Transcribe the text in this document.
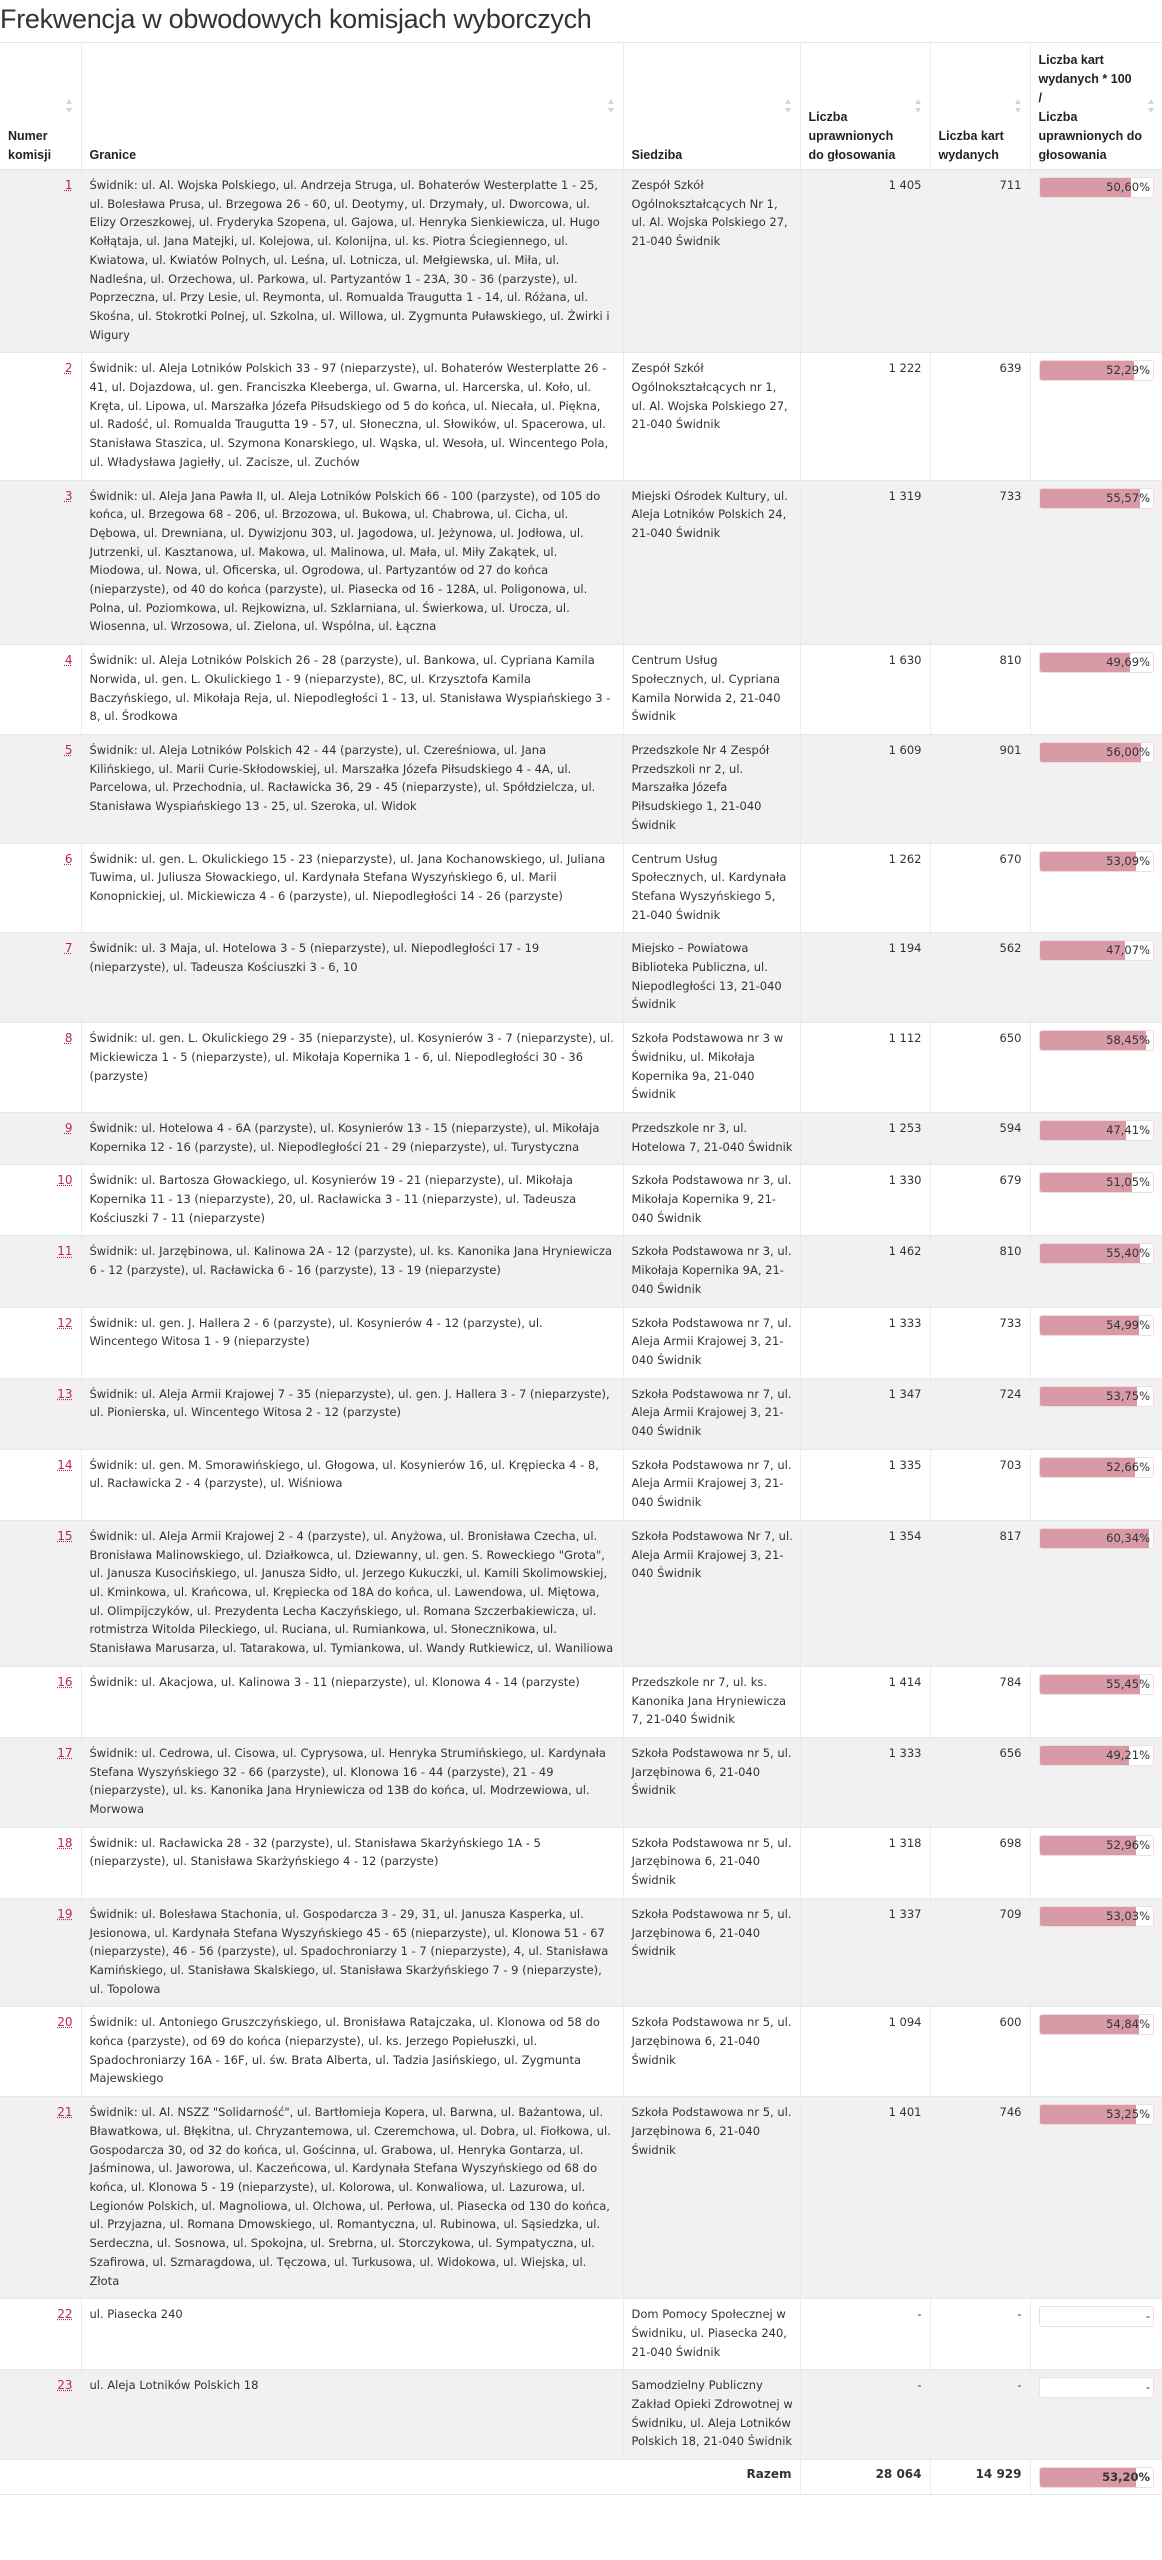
Frekwencja w obwodowych komisjach wyborczych
Numer komisji	Granice	Siedziba	Liczba uprawnionych do głosowania	Liczba kart wydanych	Liczba kart wydanych * 100
/
Liczba uprawnionych do głosowania

1	Świdnik: ul. Al. Wojska Polskiego, ul. Andrzeja Struga, ul. Bohaterów Westerplatte 1 - 25, ul. Bolesława Prusa, ul. Brzegowa 26 - 60, ul. Deotymy, ul. Drzymały, ul. Dworcowa, ul. Elizy Orzeszkowej, ul. Fryderyka Szopena, ul. Gajowa, ul. Henryka Sienkiewicza, ul. Hugo Kołłątaja, ul. Jana Matejki, ul. Kolejowa, ul. Kolonijna, ul. ks. Piotra Ściegiennego, ul. Kwiatowa, ul. Kwiatów Polnych, ul. Leśna, ul. Lotnicza, ul. Mełgiewska, ul. Miła, ul. Nadleśna, ul. Orzechowa, ul. Parkowa, ul. Partyzantów 1 - 23A, 30 - 36 (parzyste), ul. Poprzeczna, ul. Przy Lesie, ul. Reymonta, ul. Romualda Traugutta 1 - 14, ul. Różana, ul. Skośna, ul. Stokrotki Polnej, ul. Szkolna, ul. Willowa, ul. Zygmunta Puławskiego, ul. Żwirki i Wigury	Zespół Szkół Ogólnokształcących Nr 1, ul. Al. Wojska Polskiego 27, 21-040 Świdnik	1 405	711	50,60%

2	Świdnik: ul. Aleja Lotników Polskich 33 - 97 (nieparzyste), ul. Bohaterów Westerplatte 26 - 41, ul. Dojazdowa, ul. gen. Franciszka Kleeberga, ul. Gwarna, ul. Harcerska, ul. Koło, ul. Kręta, ul. Lipowa, ul. Marszałka Józefa Piłsudskiego od 5 do końca, ul. Niecała, ul. Piękna, ul. Radość, ul. Romualda Traugutta 19 - 57, ul. Słoneczna, ul. Słowików, ul. Spacerowa, ul. Stanisława Staszica, ul. Szymona Konarskiego, ul. Wąska, ul. Wesoła, ul. Wincentego Pola, ul. Władysława Jagiełły, ul. Zacisze, ul. Zuchów	Zespół Szkół Ogólnokształcących nr 1, ul. Al. Wojska Polskiego 27, 21-040 Świdnik	1 222	639	52,29%

3	Świdnik: ul. Aleja Jana Pawła II, ul. Aleja Lotników Polskich 66 - 100 (parzyste), od 105 do końca, ul. Brzegowa 68 - 206, ul. Brzozowa, ul. Bukowa, ul. Chabrowa, ul. Cicha, ul. Dębowa, ul. Drewniana, ul. Dywizjonu 303, ul. Jagodowa, ul. Jeżynowa, ul. Jodłowa, ul. Jutrzenki, ul. Kasztanowa, ul. Makowa, ul. Malinowa, ul. Mała, ul. Miły Zakątek, ul. Miodowa, ul. Nowa, ul. Oficerska, ul. Ogrodowa, ul. Partyzantów od 27 do końca (nieparzyste), od 40 do końca (parzyste), ul. Piasecka od 16 - 128A, ul. Poligonowa, ul. Polna, ul. Poziomkowa, ul. Rejkowizna, ul. Szklarniana, ul. Świerkowa, ul. Urocza, ul. Wiosenna, ul. Wrzosowa, ul. Zielona, ul. Wspólna, ul. Łączna	Miejski Ośrodek Kultury, ul. Aleja Lotników Polskich 24, 21-040 Świdnik	1 319	733	55,57%

4	Świdnik: ul. Aleja Lotników Polskich 26 - 28 (parzyste), ul. Bankowa, ul. Cypriana Kamila Norwida, ul. gen. L. Okulickiego 1 - 9 (nieparzyste), 8C, ul. Krzysztofa Kamila Baczyńskiego, ul. Mikołaja Reja, ul. Niepodległości 1 - 13, ul. Stanisława Wyspiańskiego 3 - 8, ul. Środkowa	Centrum Usług Społecznych, ul. Cypriana Kamila Norwida 2, 21-040 Świdnik	1 630	810	49,69%

5	Świdnik: ul. Aleja Lotników Polskich 42 - 44 (parzyste), ul. Czereśniowa, ul. Jana Kilińskiego, ul. Marii Curie-Skłodowskiej, ul. Marszałka Józefa Piłsudskiego 4 - 4A, ul. Parcelowa, ul. Przechodnia, ul. Racławicka 36, 29 - 45 (nieparzyste), ul. Spółdzielcza, ul. Stanisława Wyspiańskiego 13 - 25, ul. Szeroka, ul. Widok	Przedszkole Nr 4 Zespół Przedszkoli nr 2, ul. Marszałka Józefa Piłsudskiego 1, 21-040 Świdnik	1 609	901	56,00%

6	Świdnik: ul. gen. L. Okulickiego 15 - 23 (nieparzyste), ul. Jana Kochanowskiego, ul. Juliana Tuwima, ul. Juliusza Słowackiego, ul. Kardynała Stefana Wyszyńskiego 6, ul. Marii Konopnickiej, ul. Mickiewicza 4 - 6 (parzyste), ul. Niepodległości 14 - 26 (parzyste)	Centrum Usług Społecznych, ul. Kardynała Stefana Wyszyńskiego 5, 21-040 Świdnik	1 262	670	53,09%

7	Świdnik: ul. 3 Maja, ul. Hotelowa 3 - 5 (nieparzyste), ul. Niepodległości 17 - 19 (nieparzyste), ul. Tadeusza Kościuszki 3 - 6, 10	Miejsko – Powiatowa Biblioteka Publiczna, ul. Niepodległości 13, 21-040 Świdnik	1 194	562	47,07%

8	Świdnik: ul. gen. L. Okulickiego 29 - 35 (nieparzyste), ul. Kosynierów 3 - 7 (nieparzyste), ul. Mickiewicza 1 - 5 (nieparzyste), ul. Mikołaja Kopernika 1 - 6, ul. Niepodległości 30 - 36 (parzyste)	Szkoła Podstawowa nr 3 w Świdniku, ul. Mikołaja Kopernika 9a, 21-040 Świdnik	1 112	650	58,45%

9	Świdnik: ul. Hotelowa 4 - 6A (parzyste), ul. Kosynierów 13 - 15 (nieparzyste), ul. Mikołaja Kopernika 12 - 16 (parzyste), ul. Niepodległości 21 - 29 (nieparzyste), ul. Turystyczna	Przedszkole nr 3, ul. Hotelowa 7, 21-040 Świdnik	1 253	594	47,41%

10	Świdnik: ul. Bartosza Głowackiego, ul. Kosynierów 19 - 21 (nieparzyste), ul. Mikołaja Kopernika 11 - 13 (nieparzyste), 20, ul. Racławicka 3 - 11 (nieparzyste), ul. Tadeusza Kościuszki 7 - 11 (nieparzyste)	Szkoła Podstawowa nr 3, ul. Mikołaja Kopernika 9, 21-040 Świdnik	1 330	679	51,05%

11	Świdnik: ul. Jarzębinowa, ul. Kalinowa 2A - 12 (parzyste), ul. ks. Kanonika Jana Hryniewicza 6 - 12 (parzyste), ul. Racławicka 6 - 16 (parzyste), 13 - 19 (nieparzyste)	Szkoła Podstawowa nr 3, ul. Mikołaja Kopernika 9A, 21-040 Świdnik	1 462	810	55,40%

12	Świdnik: ul. gen. J. Hallera 2 - 6 (parzyste), ul. Kosynierów 4 - 12 (parzyste), ul. Wincentego Witosa 1 - 9 (nieparzyste)	Szkoła Podstawowa nr 7, ul. Aleja Armii Krajowej 3, 21-040 Świdnik	1 333	733	54,99%

13	Świdnik: ul. Aleja Armii Krajowej 7 - 35 (nieparzyste), ul. gen. J. Hallera 3 - 7 (nieparzyste), ul. Pionierska, ul. Wincentego Witosa 2 - 12 (parzyste)	Szkoła Podstawowa nr 7, ul. Aleja Armii Krajowej 3, 21-040 Świdnik	1 347	724	53,75%

14	Świdnik: ul. gen. M. Smorawińskiego, ul. Głogowa, ul. Kosynierów 16, ul. Krępiecka 4 - 8, ul. Racławicka 2 - 4 (parzyste), ul. Wiśniowa	Szkoła Podstawowa nr 7, ul. Aleja Armii Krajowej 3, 21-040 Świdnik	1 335	703	52,66%

15	Świdnik: ul. Aleja Armii Krajowej 2 - 4 (parzyste), ul. Anyżowa, ul. Bronisława Czecha, ul. Bronisława Malinowskiego, ul. Działkowca, ul. Dziewanny, ul. gen. S. Roweckiego "Grota", ul. Janusza Kusocińskiego, ul. Janusza Sidło, ul. Jerzego Kukuczki, ul. Kamili Skolimowskiej, ul. Kminkowa, ul. Krańcowa, ul. Krępiecka od 18A do końca, ul. Lawendowa, ul. Miętowa, ul. Olimpijczyków, ul. Prezydenta Lecha Kaczyńskiego, ul. Romana Szczerbakiewicza, ul. rotmistrza Witolda Pileckiego, ul. Ruciana, ul. Rumiankowa, ul. Słonecznikowa, ul. Stanisława Marusarza, ul. Tatarakowa, ul. Tymiankowa, ul. Wandy Rutkiewicz, ul. Waniliowa	Szkoła Podstawowa Nr 7, ul. Aleja Armii Krajowej 3, 21-040 Świdnik	1 354	817	60,34%

16	Świdnik: ul. Akacjowa, ul. Kalinowa 3 - 11 (nieparzyste), ul. Klonowa 4 - 14 (parzyste)	Przedszkole nr 7, ul. ks. Kanonika Jana Hryniewicza 7, 21-040 Świdnik	1 414	784	55,45%

17	Świdnik: ul. Cedrowa, ul. Cisowa, ul. Cyprysowa, ul. Henryka Strumińskiego, ul. Kardynała Stefana Wyszyńskiego 32 - 66 (parzyste), ul. Klonowa 16 - 44 (parzyste), 21 - 49 (nieparzyste), ul. ks. Kanonika Jana Hryniewicza od 13B do końca, ul. Modrzewiowa, ul. Morwowa	Szkoła Podstawowa nr 5, ul. Jarzębinowa 6, 21-040 Świdnik	1 333	656	49,21%

18	Świdnik: ul. Racławicka 28 - 32 (parzyste), ul. Stanisława Skarżyńskiego 1A - 5 (nieparzyste), ul. Stanisława Skarżyńskiego 4 - 12 (parzyste)	Szkoła Podstawowa nr 5, ul. Jarzębinowa 6, 21-040 Świdnik	1 318	698	52,96%

19	Świdnik: ul. Bolesława Stachonia, ul. Gospodarcza 3 - 29, 31, ul. Janusza Kasperka, ul. Jesionowa, ul. Kardynała Stefana Wyszyńskiego 45 - 65 (nieparzyste), ul. Klonowa 51 - 67 (nieparzyste), 46 - 56 (parzyste), ul. Spadochroniarzy 1 - 7 (nieparzyste), 4, ul. Stanisława Kamińskiego, ul. Stanisława Skalskiego, ul. Stanisława Skarżyńskiego 7 - 9 (nieparzyste), ul. Topolowa	Szkoła Podstawowa nr 5, ul. Jarzębinowa 6, 21-040 Świdnik	1 337	709	53,03%

20	Świdnik: ul. Antoniego Gruszczyńskiego, ul. Bronisława Ratajczaka, ul. Klonowa od 58 do końca (parzyste), od 69 do końca (nieparzyste), ul. ks. Jerzego Popiełuszki, ul. Spadochroniarzy 16A - 16F, ul. św. Brata Alberta, ul. Tadzia Jasińskiego, ul. Zygmunta Majewskiego	Szkoła Podstawowa nr 5, ul. Jarzębinowa 6, 21-040 Świdnik	1 094	600	54,84%

21	Świdnik: ul. Al. NSZZ "Solidarność", ul. Bartłomieja Kopera, ul. Barwna, ul. Bażantowa, ul. Bławatkowa, ul. Błękitna, ul. Chryzantemowa, ul. Czeremchowa, ul. Dobra, ul. Fiołkowa, ul. Gospodarcza 30, od 32 do końca, ul. Gościnna, ul. Grabowa, ul. Henryka Gontarza, ul. Jaśminowa, ul. Jaworowa, ul. Kaczeńcowa, ul. Kardynała Stefana Wyszyńskiego od 68 do końca, ul. Klonowa 5 - 19 (nieparzyste), ul. Kolorowa, ul. Konwaliowa, ul. Lazurowa, ul. Legionów Polskich, ul. Magnoliowa, ul. Olchowa, ul. Perłowa, ul. Piasecka od 130 do końca, ul. Przyjazna, ul. Romana Dmowskiego, ul. Romantyczna, ul. Rubinowa, ul. Sąsiedzka, ul. Serdeczna, ul. Sosnowa, ul. Spokojna, ul. Srebrna, ul. Storczykowa, ul. Sympatyczna, ul. Szafirowa, ul. Szmaragdowa, ul. Tęczowa, ul. Turkusowa, ul. Widokowa, ul. Wiejska, ul. Złota	Szkoła Podstawowa nr 5, ul. Jarzębinowa 6, 21-040 Świdnik	1 401	746	53,25%

22	ul. Piasecka 240	Dom Pomocy Społecznej w Świdniku, ul. Piasecka 240, 21-040 Świdnik	-	-	-

23	ul. Aleja Lotników Polskich 18	Samodzielny Publiczny Zakład Opieki Zdrowotnej w Świdniku, ul. Aleja Lotników Polskich 18, 21-040 Świdnik	-	-	-

		Razem	28 064	14 929	53,20%
